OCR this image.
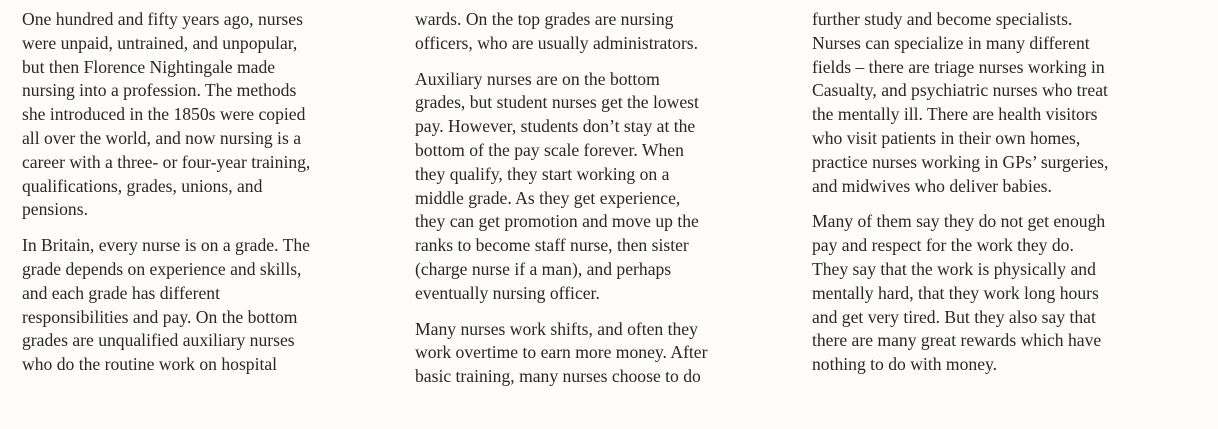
One hundred and fifty years ago, nurses
were unpaid, untrained, and unpopular,
but then Florence Nightingale made
nursing into a profession. The methods
she introduced in the 1850s were copied
all over the world, and now nursing is a
career with a three- or four-year training,
qualifications, grades, unions, and
pensions.
In Britain, every nurse is on a grade. The
grade depends on experience and skills,
and each grade has different
responsibilities and pay. On the bottom
grades are unqualified auxiliary nurses
who do the routine work on hospital
wards. On the top grades are nursing
officers, who are usually administrators.
Auxiliary nurses are on the bottom
grades, but student nurses get the lowest
pay. However, students don’t stay at the
bottom of the pay scale forever. When
they qualify, they start working on a
middle grade. As they get experience,
they can get promotion and move up the
ranks to become staff nurse, then sister
(charge nurse if a man), and perhaps
eventually nursing officer.
Many nurses work shifts, and often they
work overtime to earn more money. After
basic training, many nurses choose to do
further study and become specialists.
Nurses can specialize in many different
fields – there are triage nurses working in
Casualty, and psychiatric nurses who treat
the mentally ill. There are health visitors
who visit patients in their own homes,
practice nurses working in GPs’ surgeries,
and midwives who deliver babies.
Many of them say they do not get enough
pay and respect for the work they do.
They say that the work is physically and
mentally hard, that they work long hours
and get very tired. But they also say that
there are many great rewards which have
nothing to do with money.
